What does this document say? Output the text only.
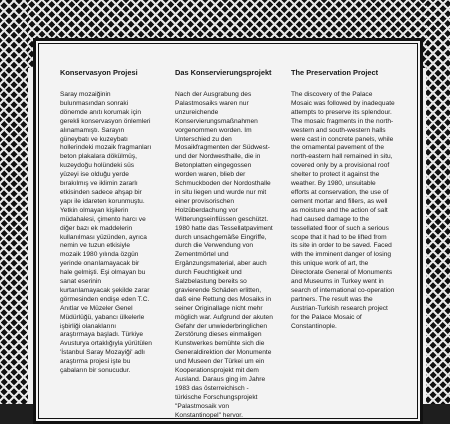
Konservasyon Projesi

Saray mozaiğinin bulunmasından sonraki dönemde anıtı korumak için gerekli konservasyon önlemleri alınamamıştı. Sarayın güneybatı ve kuzeybatı hollerindeki mozaik fragmanları beton plakalara dökülmüş, kuzeydoğu holündeki süs yüzeyi ise olduğu yerde bırakılmış ve iklimin zararlı etkisinden sadece ahşap bir yapı ile idareten korunmuştu. Yetkin olmayan kişilerin müdahalesi, çimento harcı ve diğer bazı ek maddelerin kullanılması yüzünden, ayrıca nemin ve tuzun etkisiyle mozaik 1980 yılında özgün yerinde onarılamayacak bir hale gelmişti. Eşi olmayan bu sanat eserinin kurtarılamayacak şekilde zarar görmesinden endişe eden T.C. Anıtlar ve Müzeler Genel Müdürlüğü, yabancı ülkelerle işbirliği olanaklarını araştırmaya başladı. Türkiye Avusturya ortaklığıyla yürütülen 'İstanbul Saray Mozayiği' adlı araştırma projesi işte bu çabaların bir sonucudur.

Das Konservierungsprojekt

Nach der Ausgrabung des Palastmosaiks waren nur unzureichende Konservierungsmaßnahmen vorgenommen worden. Im Unterschied zu den Mosaikfragmenten der Südwest- und der Nordwesthalle, die in Betonplatten eingegossen worden waren, blieb der Schmuckboden der Nordosthalle in situ liegen und wurde nur mit einer provisorischen Holzüberdachung vor Witterungseinflüssen geschützt. 1980 hatte das Tessellatpaviment durch unsachgemäße Eingriffe, durch die Verwendung von Zementmörtel und Ergänzungsmaterial, aber auch durch Feuchtigkeit und Salzbelastung bereits so gravierende Schäden erlitten, daß eine Rettung des Mosaiks in seiner Originallage nicht mehr möglich war. Aufgrund der akuten Gefahr der unwiederbringlichen Zerstörung dieses einmaligen Kunstwerkes bemühte sich die Generaldirektion der Monumente und Museen der Türkei um ein Kooperationsprojekt mit dem Ausland. Daraus ging im Jahre 1983 das österreichisch - türkische Forschungsprojekt "Palastmosaik von Konstantinopel" hervor.

The Preservation Project

The discovery of the Palace Mosaic was followed by inadequate attempts to preserve its splendour. The mosaic fragments in the north-western and south-western halls were cast in concrete panels, while the ornamental pavement of the north-eastern hall remained in situ, covered only by a provisional roof shelter to protect it against the weather. By 1980, unsuitable efforts at conservation, the use of cement mortar and fillers, as well as moisture and the action of salt had caused damage to the tessellated floor of such a serious scope that it had to be lifted from its site in order to be saved. Faced with the imminent danger of losing this unique work of art, the Directorate General of Monuments and Museums in Turkey went in search of international co-operation partners. The result was the Austrian-Turkish research project for the Palace Mosaic of Constantinople.
